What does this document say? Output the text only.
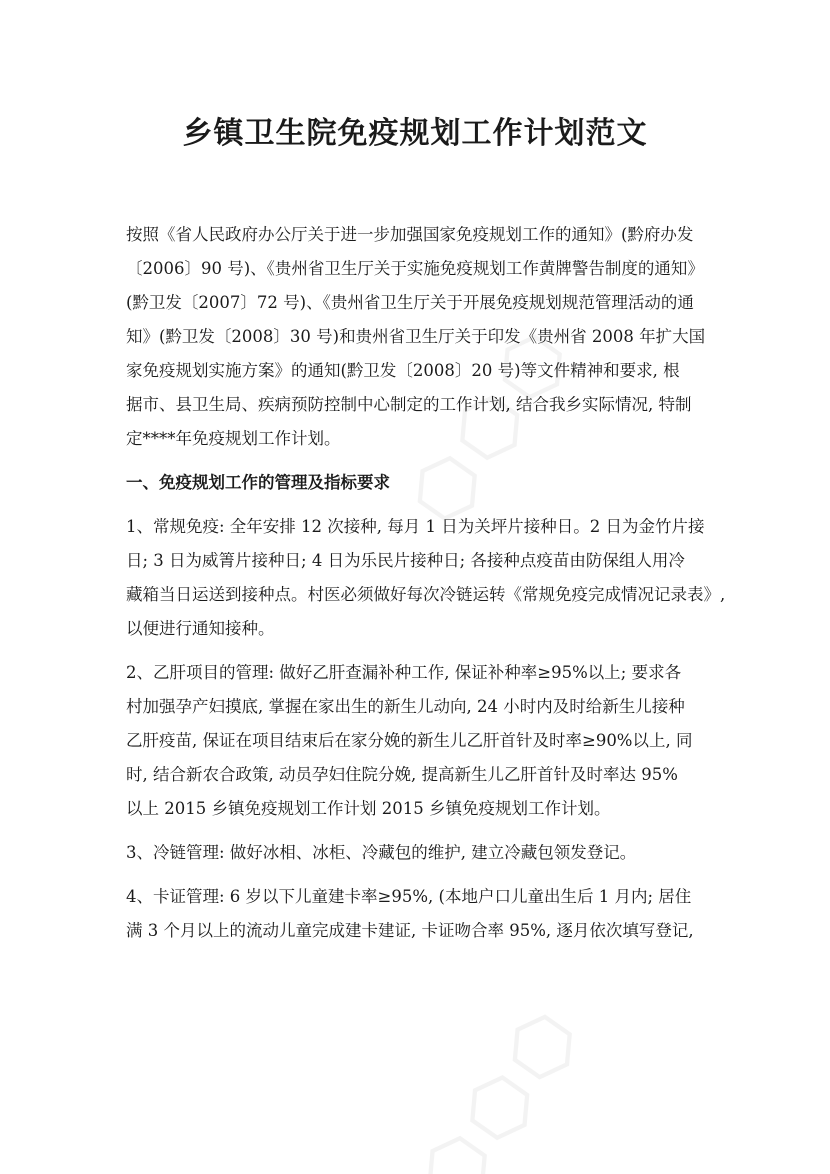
乡镇卫生院免疫规划工作计划范文
按照《省人民政府办公厅关于进一步加强国家免疫规划工作的通知》(黔府办发
〔2006〕90 号)、《贵州省卫生厅关于实施免疫规划工作黄牌警告制度的通知》
(黔卫发〔2007〕72 号)、《贵州省卫生厅关于开展免疫规划规范管理活动的通
知》(黔卫发〔2008〕30 号)和贵州省卫生厅关于印发《贵州省 2008 年扩大国
家免疫规划实施方案》的通知(黔卫发〔2008〕20 号)等文件精神和要求, 根
据市、县卫生局、疾病预防控制中心制定的工作计划, 结合我乡实际情况, 特制
定****年免疫规划工作计划。
一、免疫规划工作的管理及指标要求
1、常规免疫: 全年安排 12 次接种, 每月 1 日为关坪片接种日。2 日为金竹片接
日; 3 日为威箐片接种日; 4 日为乐民片接种日; 各接种点疫苗由防保组人用冷
藏箱当日运送到接种点。村医必须做好每次冷链运转《常规免疫完成情况记录表》,
以便进行通知接种。
2、乙肝项目的管理: 做好乙肝查漏补种工作, 保证补种率≥95%以上; 要求各
村加强孕产妇摸底, 掌握在家出生的新生儿动向, 24 小时内及时给新生儿接种
乙肝疫苗, 保证在项目结束后在家分娩的新生儿乙肝首针及时率≥90%以上, 同
时, 结合新农合政策, 动员孕妇住院分娩, 提高新生儿乙肝首针及时率达 95%
以上 2015 乡镇免疫规划工作计划 2015 乡镇免疫规划工作计划。
3、冷链管理: 做好冰相、冰柜、冷藏包的维护, 建立冷藏包领发登记。
4、卡证管理: 6 岁以下儿童建卡率≥95%, (本地户口儿童出生后 1 月内; 居住
满 3 个月以上的流动儿童完成建卡建证, 卡证吻合率 95%, 逐月依次填写登记,
